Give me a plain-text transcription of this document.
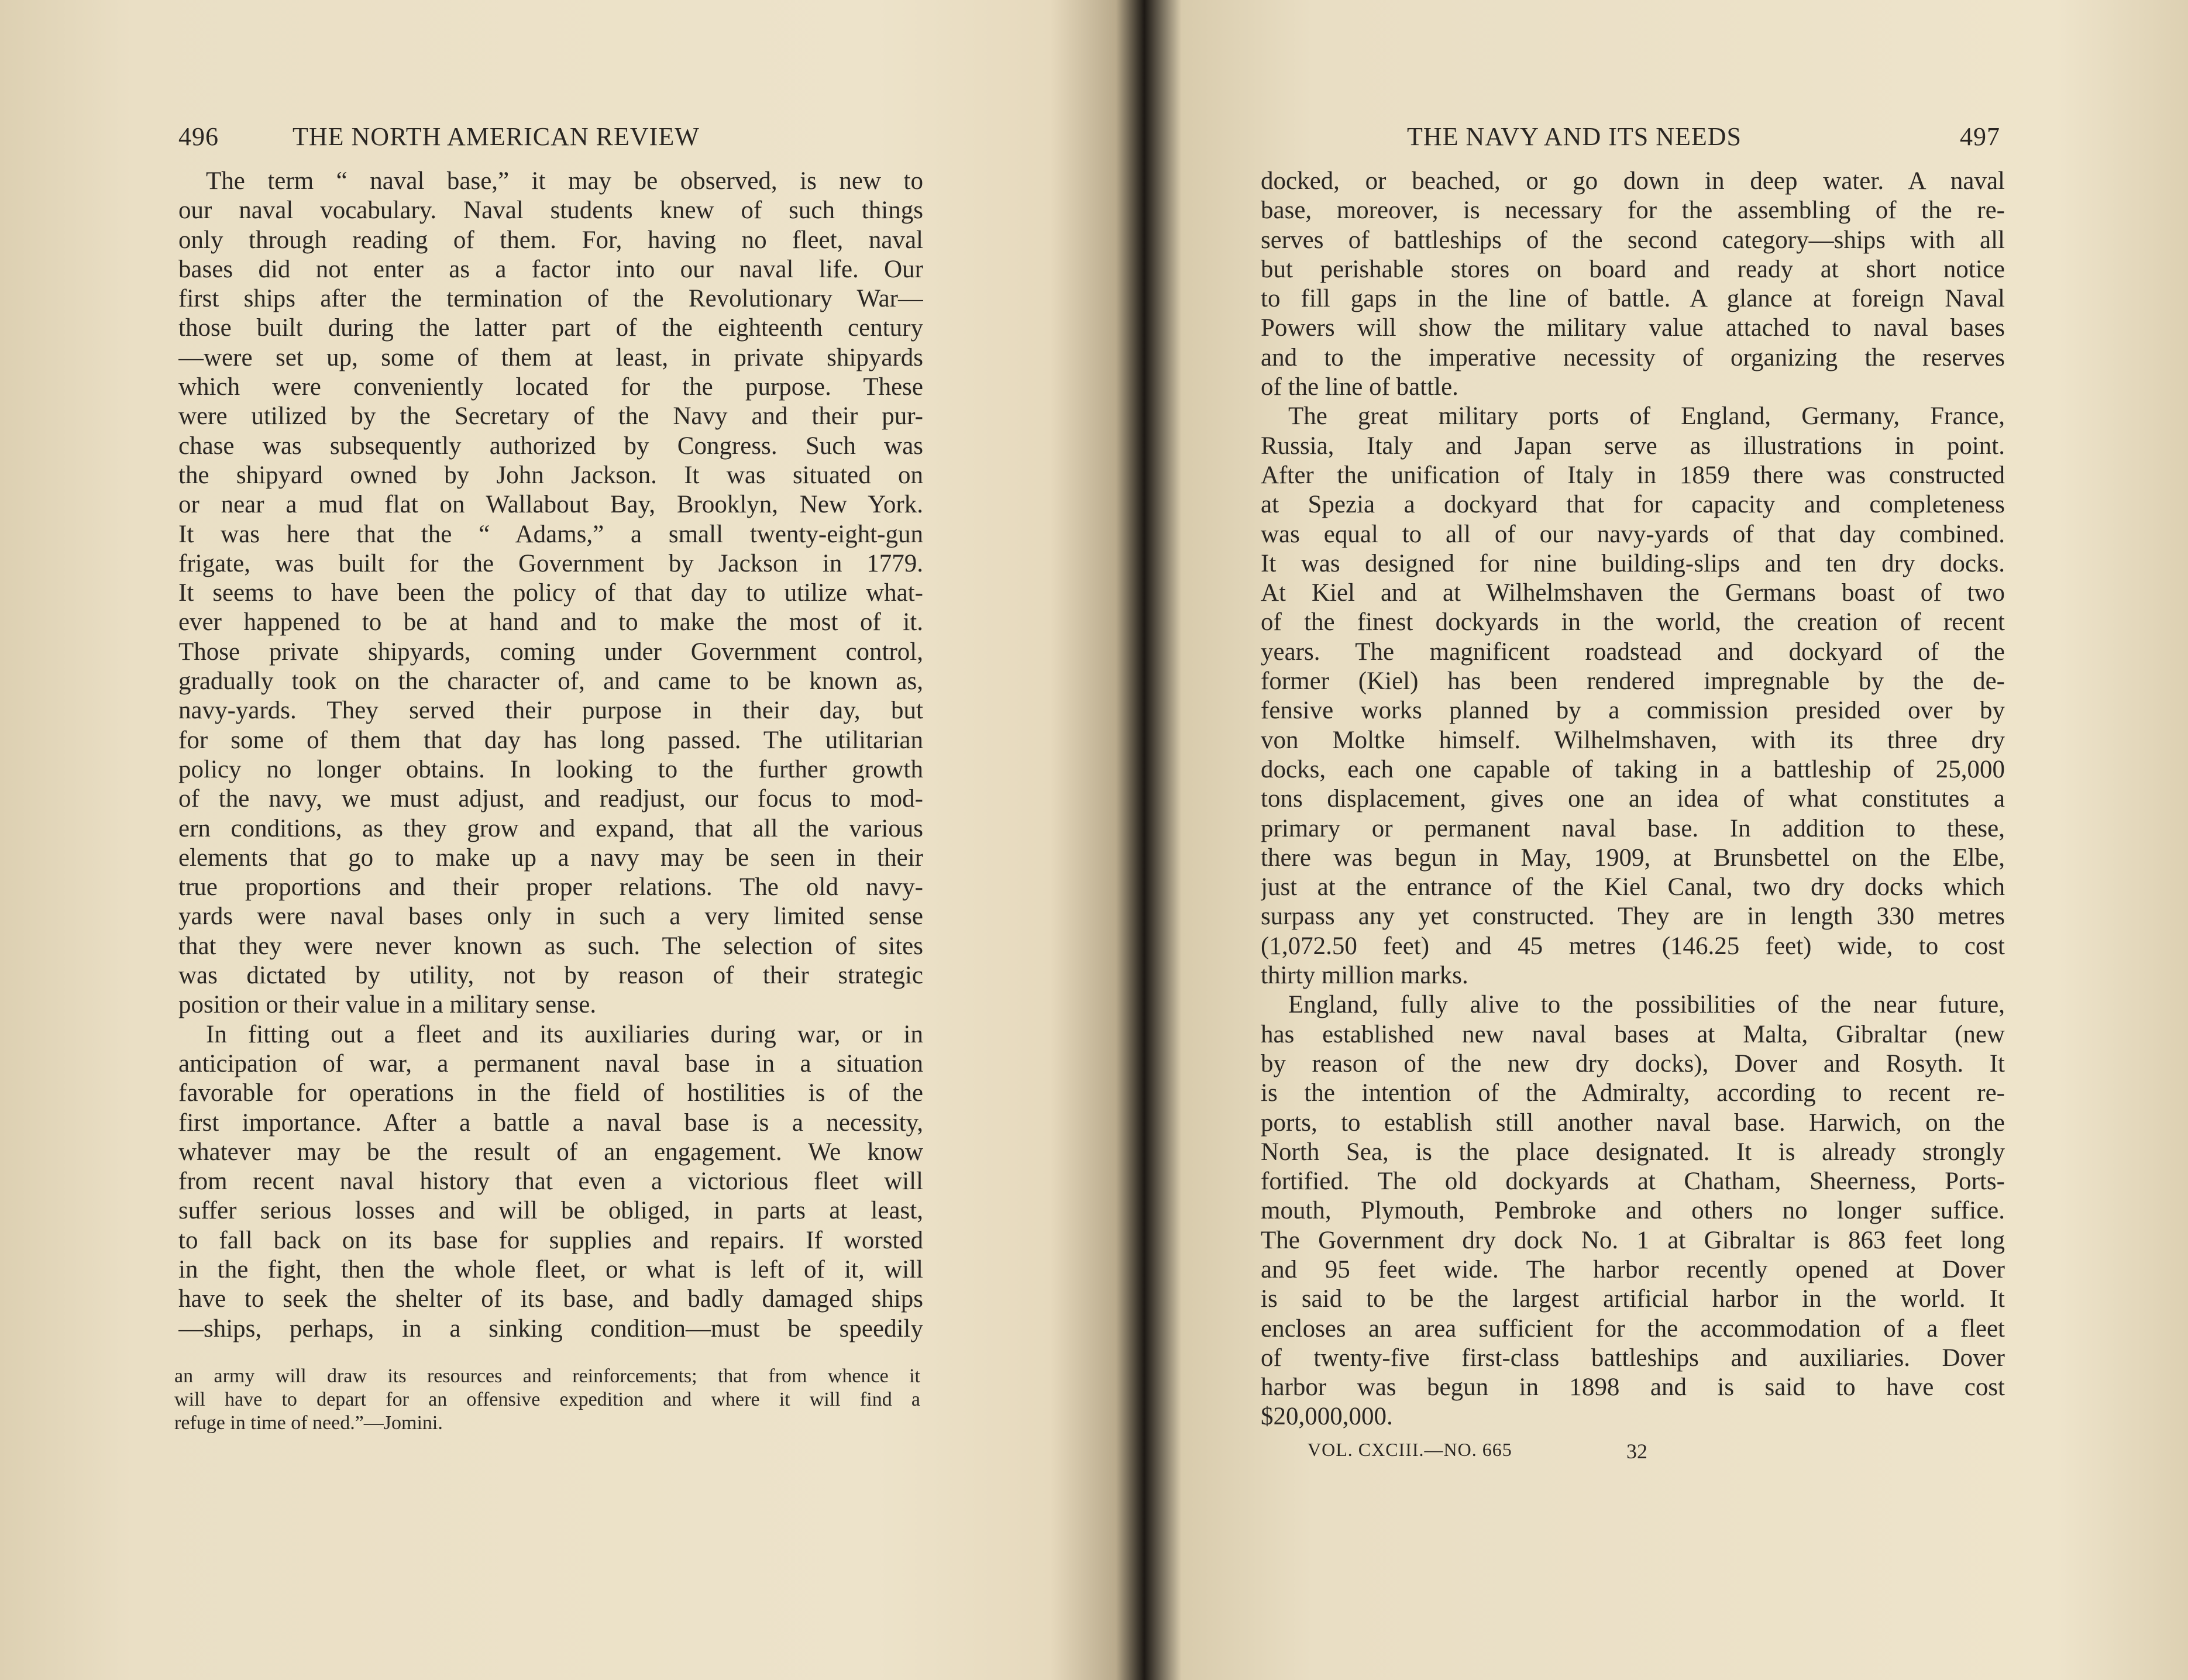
496	THE NORTH AMERICAN REVIEW
The term “ naval base,” it may be observed, is new to
our naval vocabulary. Naval students knew of such things
only through reading of them. For, having no fleet, naval
bases did not enter as a factor into our naval life. Our
first ships after the termination of the Revolutionary War—
those built during the latter part of the eighteenth century
—were set up, some of them at least, in private shipyards
which were conveniently located for the purpose. These
were utilized by the Secretary of the Navy and their pur-
chase was subsequently authorized by Congress. Such was
the shipyard owned by John Jackson. It was situated on
or near a mud flat on Wallabout Bay, Brooklyn, New York.
It was here that the “ Adams,” a small twenty-eight-gun
frigate, was built for the Government by Jackson in 1779.
It seems to have been the policy of that day to utilize what-
ever happened to be at hand and to make the most of it.
Those private shipyards, coming under Government control,
gradually took on the character of, and came to be known as,
navy-yards. They served their purpose in their day, but
for some of them that day has long passed. The utilitarian
policy no longer obtains. In looking to the further growth
of the navy, we must adjust, and readjust, our focus to mod-
ern conditions, as they grow and expand, that all the various
elements that go to make up a navy may be seen in their
true proportions and their proper relations. The old navy-
yards were naval bases only in such a very limited sense
that they were never known as such. The selection of sites
was dictated by utility, not by reason of their strategic
position or their value in a military sense.
In fitting out a fleet and its auxiliaries during war, or in
anticipation of war, a permanent naval base in a situation
favorable for operations in the field of hostilities is of the
first importance. After a battle a naval base is a necessity,
whatever may be the result of an engagement. We know
from recent naval history that even a victorious fleet will
suffer serious losses and will be obliged, in parts at least,
to fall back on its base for supplies and repairs. If worsted
in the fight, then the whole fleet, or what is left of it, will
have to seek the shelter of its base, and badly damaged ships
—ships, perhaps, in a sinking condition—must be speedily
an army will draw its resources and reinforcements; that from whence it
will have to depart for an offensive expedition and where it will find a
refuge in time of need.”—Jomini.
THE NAVY AND ITS NEEDS	497
docked, or beached, or go down in deep water. A naval
base, moreover, is necessary for the assembling of the re-
serves of battleships of the second category—ships with all
but perishable stores on board and ready at short notice
to fill gaps in the line of battle. A glance at foreign Naval
Powers will show the military value attached to naval bases
and to the imperative necessity of organizing the reserves
of the line of battle.
The great military ports of England, Germany, France,
Russia, Italy and Japan serve as illustrations in point.
After the unification of Italy in 1859 there was constructed
at Spezia a dockyard that for capacity and completeness
was equal to all of our navy-yards of that day combined.
It was designed for nine building-slips and ten dry docks.
At Kiel and at Wilhelmshaven the Germans boast of two
of the finest dockyards in the world, the creation of recent
years. The magnificent roadstead and dockyard of the
former (Kiel) has been rendered impregnable by the de-
fensive works planned by a commission presided over by
von Moltke himself. Wilhelmshaven, with its three dry
docks, each one capable of taking in a battleship of 25,000
tons displacement, gives one an idea of what constitutes a
primary or permanent naval base. In addition to these,
there was begun in May, 1909, at Brunsbettel on the Elbe,
just at the entrance of the Kiel Canal, two dry docks which
surpass any yet constructed. They are in length 330 metres
(1,072.50 feet) and 45 metres (146.25 feet) wide, to cost
thirty million marks.
England, fully alive to the possibilities of the near future,
has established new naval bases at Malta, Gibraltar (new
by reason of the new dry docks), Dover and Rosyth. It
is the intention of the Admiralty, according to recent re-
ports, to establish still another naval base. Harwich, on the
North Sea, is the place designated. It is already strongly
fortified. The old dockyards at Chatham, Sheerness, Ports-
mouth, Plymouth, Pembroke and others no longer suffice.
The Government dry dock No. 1 at Gibraltar is 863 feet long
and 95 feet wide. The harbor recently opened at Dover
is said to be the largest artificial harbor in the world. It
encloses an area sufficient for the accommodation of a fleet
of twenty-five first-class battleships and auxiliaries. Dover
harbor was begun in 1898 and is said to have cost
$20,000,000.
VOL. CXCIII.—NO. 665	32
